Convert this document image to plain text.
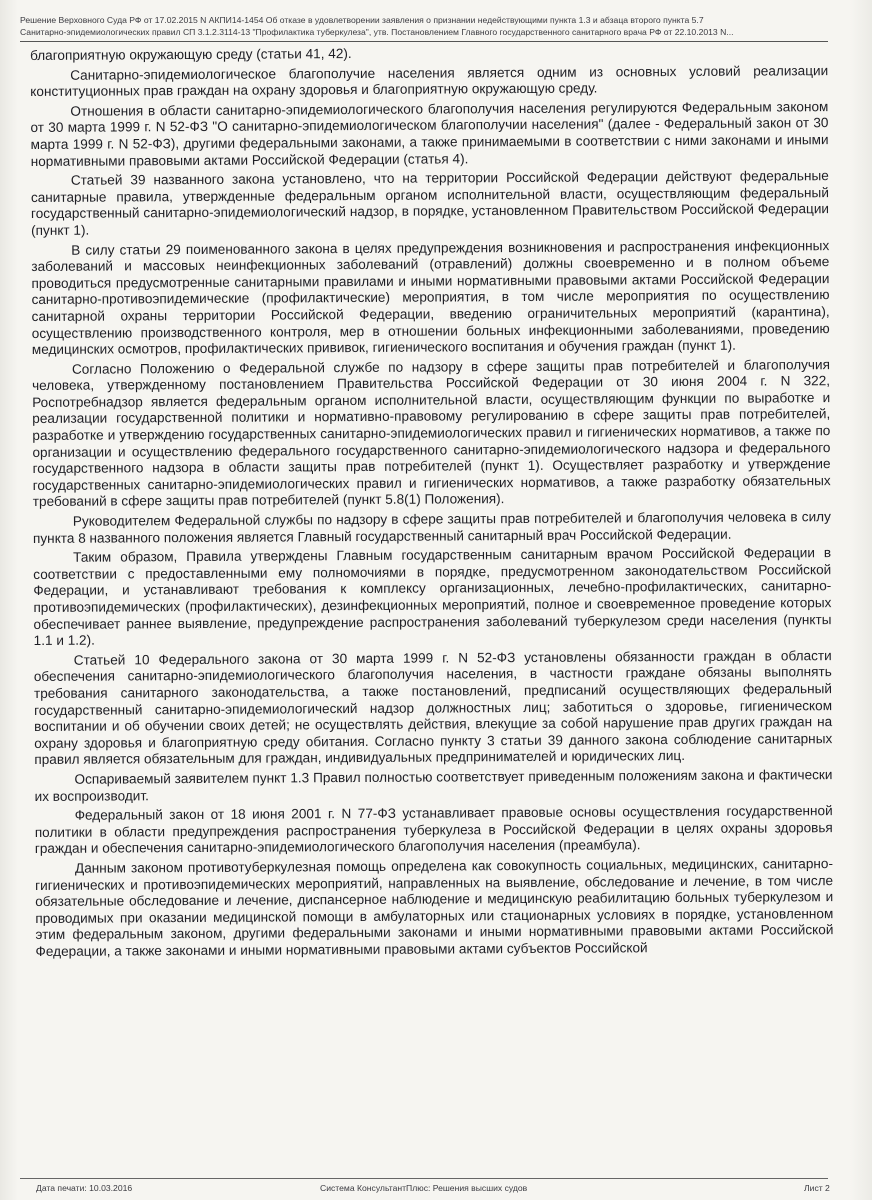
Решение Верховного Суда РФ от 17.02.2015 N АКПИ14-1454 Об отказе в удовлетворении заявления о признании недействующими пункта 1.3 и абзаца второго пункта 5.7
Санитарно-эпидемиологических правил СП 3.1.2.3114-13 "Профилактика туберкулеза", утв. Постановлением Главного государственного санитарного врача РФ от 22.10.2013 N...

благоприятную окружающую среду (статьи 41, 42).

Санитарно-эпидемиологическое благополучие населения является одним из основных условий реализации конституционных прав граждан на охрану здоровья и благоприятную окружающую среду.

Отношения в области санитарно-эпидемиологического благополучия населения регулируются Федеральным законом от 30 марта 1999 г. N 52-ФЗ "О санитарно-эпидемиологическом благополучии населения" (далее - Федеральный закон от 30 марта 1999 г. N 52-ФЗ), другими федеральными законами, а также принимаемыми в соответствии с ними законами и иными нормативными правовыми актами Российской Федерации (статья 4).

Статьей 39 названного закона установлено, что на территории Российской Федерации действуют федеральные санитарные правила, утвержденные федеральным органом исполнительной власти, осуществляющим федеральный государственный санитарно-эпидемиологический надзор, в порядке, установленном Правительством Российской Федерации (пункт 1).

В силу статьи 29 поименованного закона в целях предупреждения возникновения и распространения инфекционных заболеваний и массовых неинфекционных заболеваний (отравлений) должны своевременно и в полном объеме проводиться предусмотренные санитарными правилами и иными нормативными правовыми актами Российской Федерации санитарно-противоэпидемические (профилактические) мероприятия, в том числе мероприятия по осуществлению санитарной охраны территории Российской Федерации, введению ограничительных мероприятий (карантина), осуществлению производственного контроля, мер в отношении больных инфекционными заболеваниями, проведению медицинских осмотров, профилактических прививок, гигиенического воспитания и обучения граждан (пункт 1).

Согласно Положению о Федеральной службе по надзору в сфере защиты прав потребителей и благополучия человека, утвержденному постановлением Правительства Российской Федерации от 30 июня 2004 г. N 322, Роспотребнадзор является федеральным органом исполнительной власти, осуществляющим функции по выработке и реализации государственной политики и нормативно-правовому регулированию в сфере защиты прав потребителей, разработке и утверждению государственных санитарно-эпидемиологических правил и гигиенических нормативов, а также по организации и осуществлению федерального государственного санитарно-эпидемиологического надзора и федерального государственного надзора в области защиты прав потребителей (пункт 1). Осуществляет разработку и утверждение государственных санитарно-эпидемиологических правил и гигиенических нормативов, а также разработку обязательных требований в сфере защиты прав потребителей (пункт 5.8(1) Положения).

Руководителем Федеральной службы по надзору в сфере защиты прав потребителей и благополучия человека в силу пункта 8 названного положения является Главный государственный санитарный врач Российской Федерации.

Таким образом, Правила утверждены Главным государственным санитарным врачом Российской Федерации в соответствии с предоставленными ему полномочиями в порядке, предусмотренном законодательством Российской Федерации, и устанавливают требования к комплексу организационных, лечебно-профилактических, санитарно-противоэпидемических (профилактических), дезинфекционных мероприятий, полное и своевременное проведение которых обеспечивает раннее выявление, предупреждение распространения заболеваний туберкулезом среди населения (пункты 1.1 и 1.2).

Статьей 10 Федерального закона от 30 марта 1999 г. N 52-ФЗ установлены обязанности граждан в области обеспечения санитарно-эпидемиологического благополучия населения, в частности граждане обязаны выполнять требования санитарного законодательства, а также постановлений, предписаний осуществляющих федеральный государственный санитарно-эпидемиологический надзор должностных лиц; заботиться о здоровье, гигиеническом воспитании и об обучении своих детей; не осуществлять действия, влекущие за собой нарушение прав других граждан на охрану здоровья и благоприятную среду обитания. Согласно пункту 3 статьи 39 данного закона соблюдение санитарных правил является обязательным для граждан, индивидуальных предпринимателей и юридических лиц.

Оспариваемый заявителем пункт 1.3 Правил полностью соответствует приведенным положениям закона и фактически их воспроизводит.

Федеральный закон от 18 июня 2001 г. N 77-ФЗ устанавливает правовые основы осуществления государственной политики в области предупреждения распространения туберкулеза в Российской Федерации в целях охраны здоровья граждан и обеспечения санитарно-эпидемиологического благополучия населения (преамбула).

Данным законом противотуберкулезная помощь определена как совокупность социальных, медицинских, санитарно-гигиенических и противоэпидемических мероприятий, направленных на выявление, обследование и лечение, в том числе обязательные обследование и лечение, диспансерное наблюдение и медицинскую реабилитацию больных туберкулезом и проводимых при оказании медицинской помощи в амбулаторных или стационарных условиях в порядке, установленном этим федеральным законом, другими федеральными законами и иными нормативными правовыми актами Российской Федерации, а также законами и иными нормативными правовыми актами субъектов Российской

Дата печати: 10.03.2016	Система КонсультантПлюс: Решения высших судов	Лист 2
